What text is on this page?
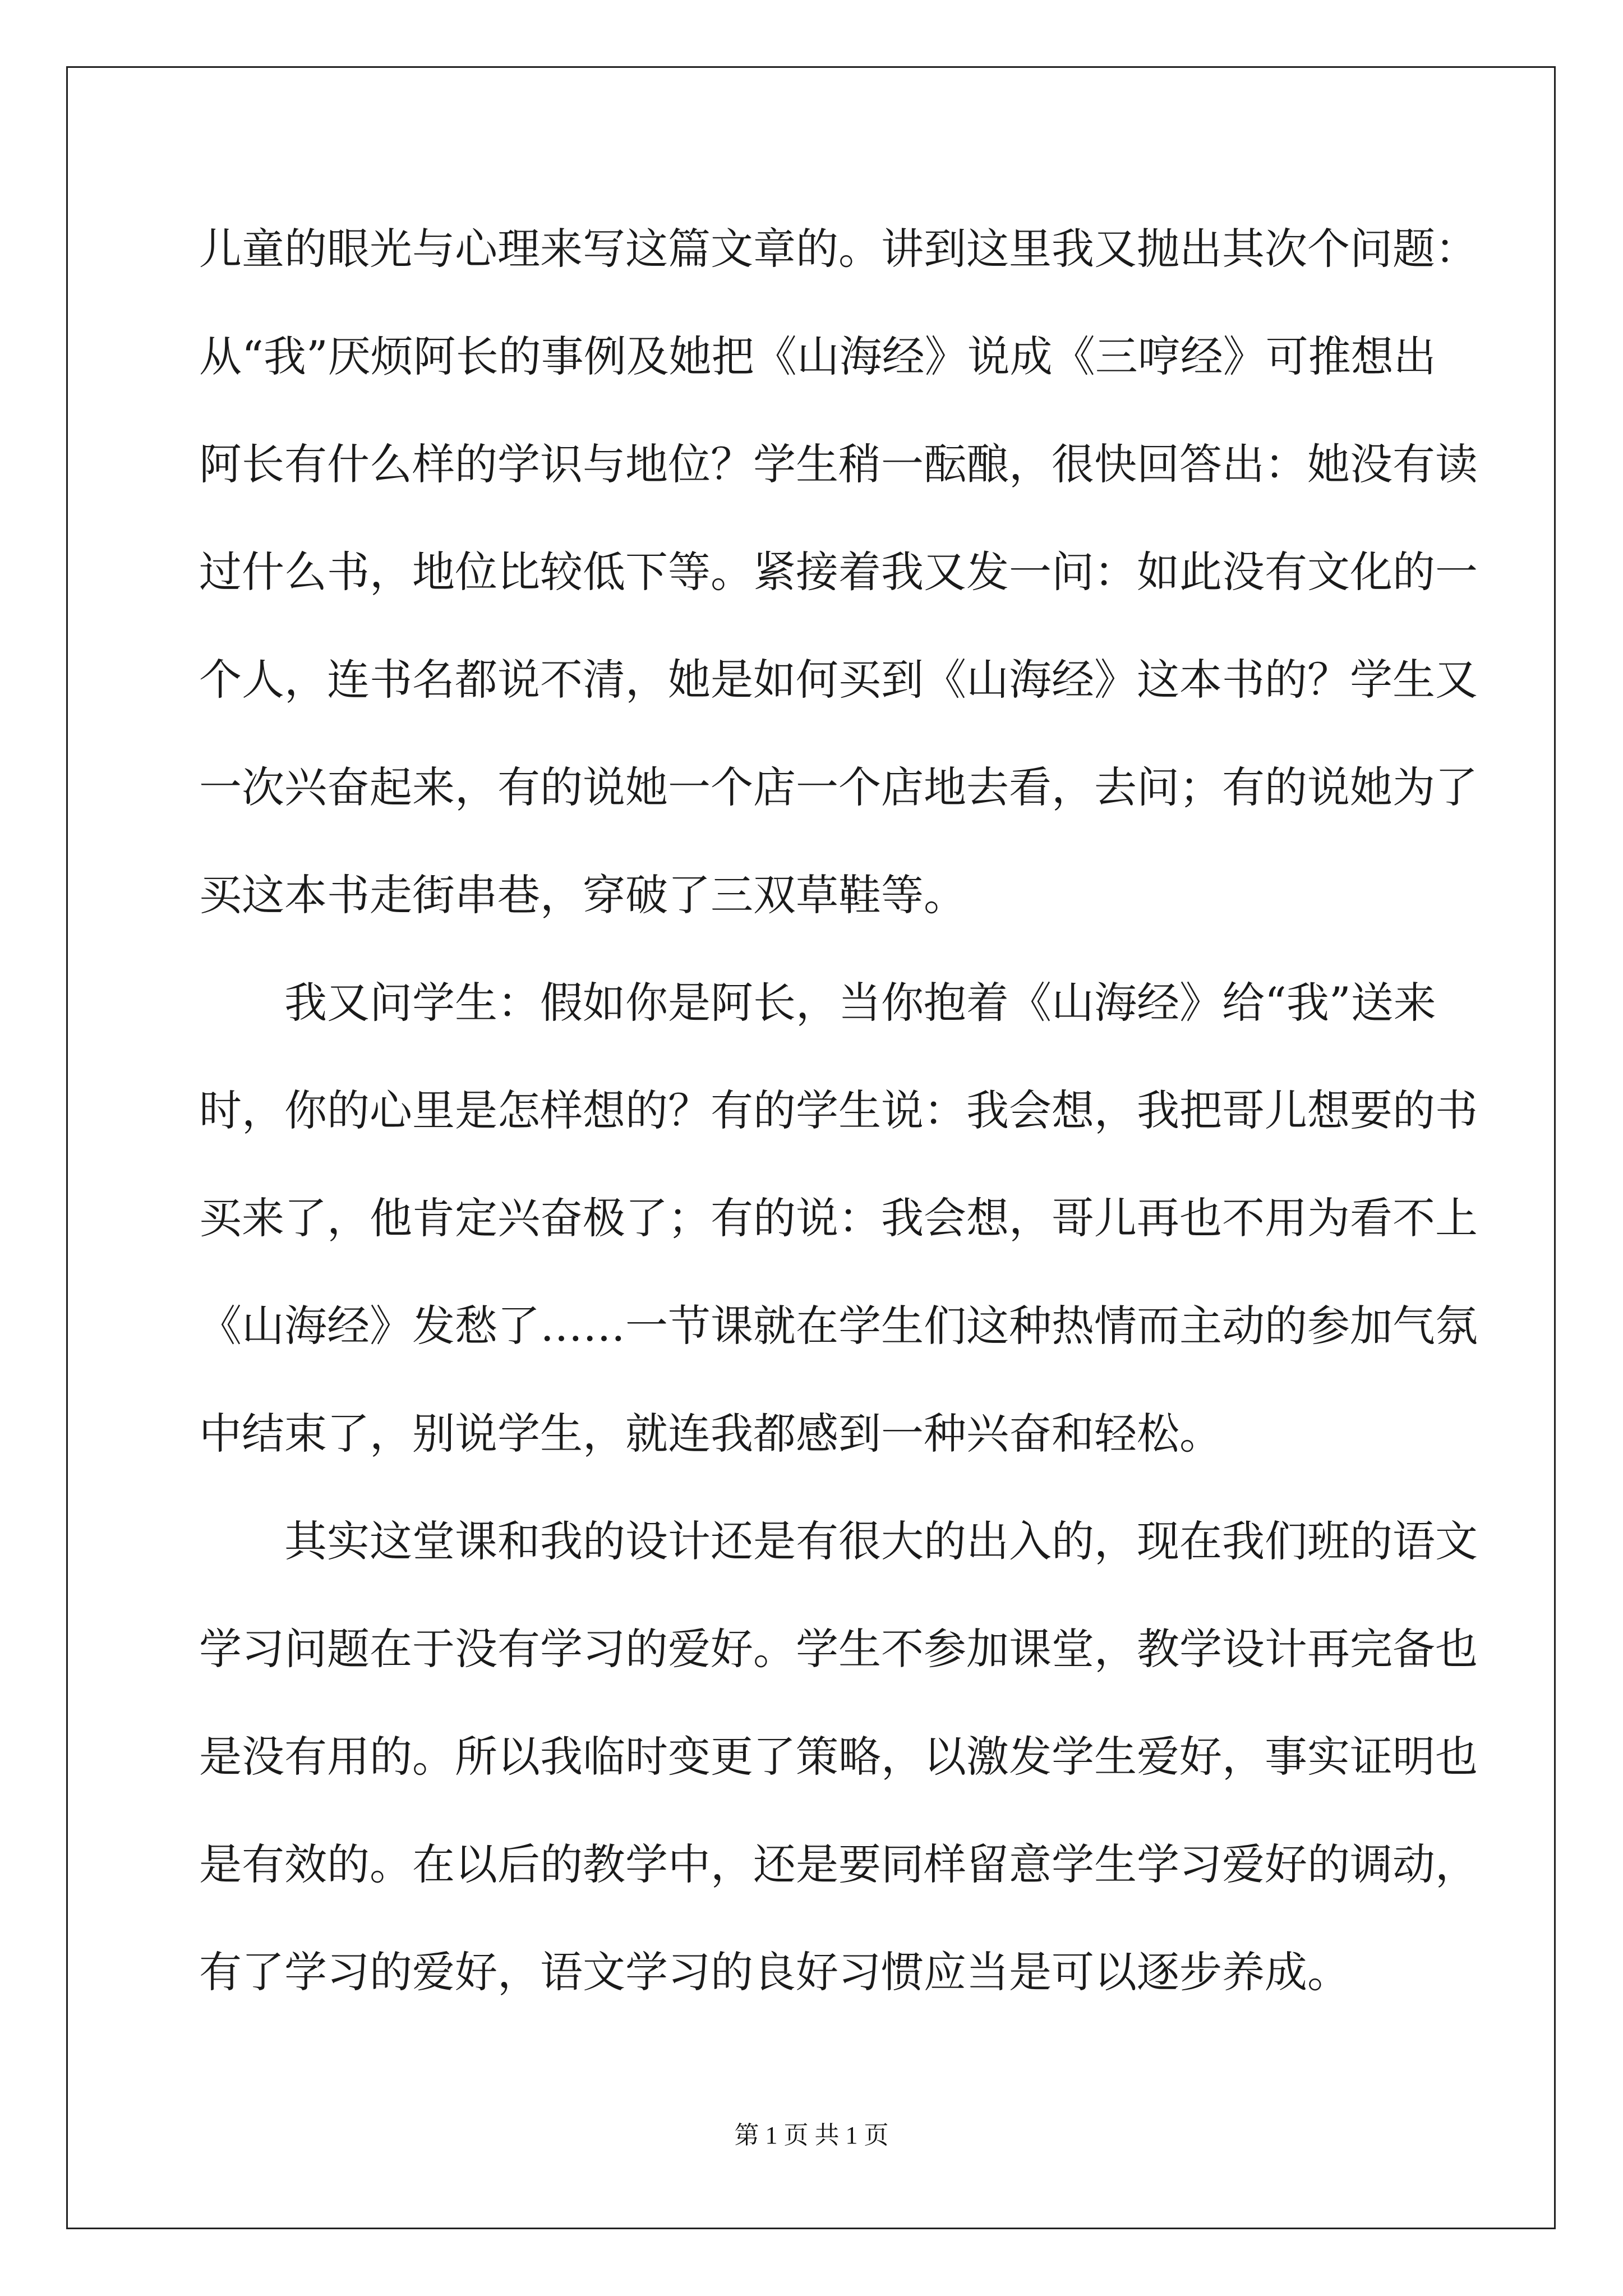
儿童的眼光与心理来写这篇文章的。讲到这里我又抛出其次个问题：
从“我”厌烦阿长的事例及她把《山海经》说成《三哼经》可推想出
阿长有什么样的学识与地位？学生稍一酝酿，很快回答出：她没有读
过什么书，地位比较低下等。紧接着我又发一问：如此没有文化的一
个人，连书名都说不清，她是如何买到《山海经》这本书的？学生又
一次兴奋起来，有的说她一个店一个店地去看，去问；有的说她为了
买这本书走街串巷，穿破了三双草鞋等。
我又问学生：假如你是阿长，当你抱着《山海经》给“我”送来
时，你的心里是怎样想的？有的学生说：我会想，我把哥儿想要的书
买来了，他肯定兴奋极了；有的说：我会想，哥儿再也不用为看不上
《山海经》发愁了……一节课就在学生们这种热情而主动的参加气氛
中结束了，别说学生，就连我都感到一种兴奋和轻松。
其实这堂课和我的设计还是有很大的出入的，现在我们班的语文
学习问题在于没有学习的爱好。学生不参加课堂，教学设计再完备也
是没有用的。所以我临时变更了策略，以激发学生爱好，事实证明也
是有效的。在以后的教学中，还是要同样留意学生学习爱好的调动，
有了学习的爱好，语文学习的良好习惯应当是可以逐步养成。
第 1 页 共 1 页
